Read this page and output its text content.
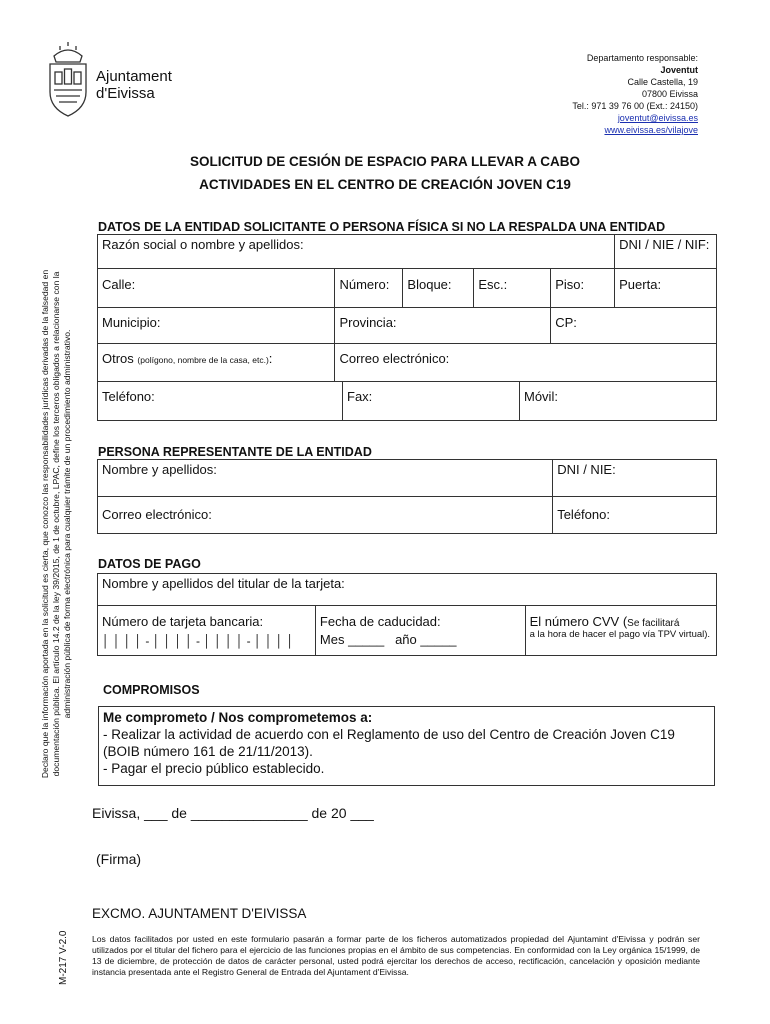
Ajuntament
d'Eivissa
Departamento responsable:
Joventut
Calle Castella, 19
07800 Eivissa
Tel.: 971 39 76 00 (Ext.: 24150)
joventut@eivissa.es
www.eivissa.es/vilajove
SOLICITUD DE CESIÓN DE ESPACIO PARA LLEVAR A CABO
ACTIVIDADES EN EL CENTRO DE CREACIÓN JOVEN C19
Declaro que la información aportada en la solicitud es cierta, que conozco las responsabilidades jurídicas derivadas de la falsedad en documentación pública. El artículo 14.2 de la ley 39/2015, de 1 de octubre, LPAC, define los terceros obligados a relacionarse con la administración pública de forma electrónica para cualquier trámite de un procedimiento administrativo.
DATOS DE LA ENTIDAD SOLICITANTE O PERSONA FÍSICA SI NO LA RESPALDA UNA ENTIDAD
Razón social o nombre y apellidos:					DNI / NIE / NIF:
Calle:	Número:	Bloque:	Esc.:	Piso:	Puerta:
Municipio:	Provincia:			CP:	
Otros (polígono, nombre de la casa, etc.):	Correo electrónico:				

Teléfono: Fax: Móvil:					
PERSONA REPRESENTANTE DE LA ENTIDAD
Nombre y apellidos:	DNI / NIE:
Correo electrónico:	Teléfono:
DATOS DE PAGO
Nombre y apellidos del titular de la tarjeta:

Número de tarjeta bancaria:
│ │ │ │ - │ │ │ │ - │ │ │ │ - │ │ │ │

Fecha de caducidad:
Mes _____   año _____

El número CVV (Se facilitará
a la hora de hacer el pago vía TPV virtual).
COMPROMISOS
Me comprometo / Nos comprometemos a:
- Realizar la actividad de acuerdo con el Reglamento de uso del Centro de Creación Joven C19 (BOIB número 161 de 21/11/2013).
- Pagar el precio público establecido.
Eivissa, ___ de _______________ de 20 ___
(Firma)
EXCMO. AJUNTAMENT D'EIVISSA
M-217 V-2.0	Los datos facilitados por usted en este formulario pasarán a formar parte de los ficheros automatizados propiedad del Ajuntamint d'Eivissa y podrán ser utilizados por el titular del fichero para el ejercicio de las funciones propias en el ámbito de sus competencias. En conformidad con la Ley orgánica 15/1999, de 13 de diciembre, de protección de datos de carácter personal, usted podrá ejercitar los derechos de acceso, rectificación, cancelación y oposición mediante instancia presentada ante el Registro General de Entrada del Ajuntament d'Eivissa.
